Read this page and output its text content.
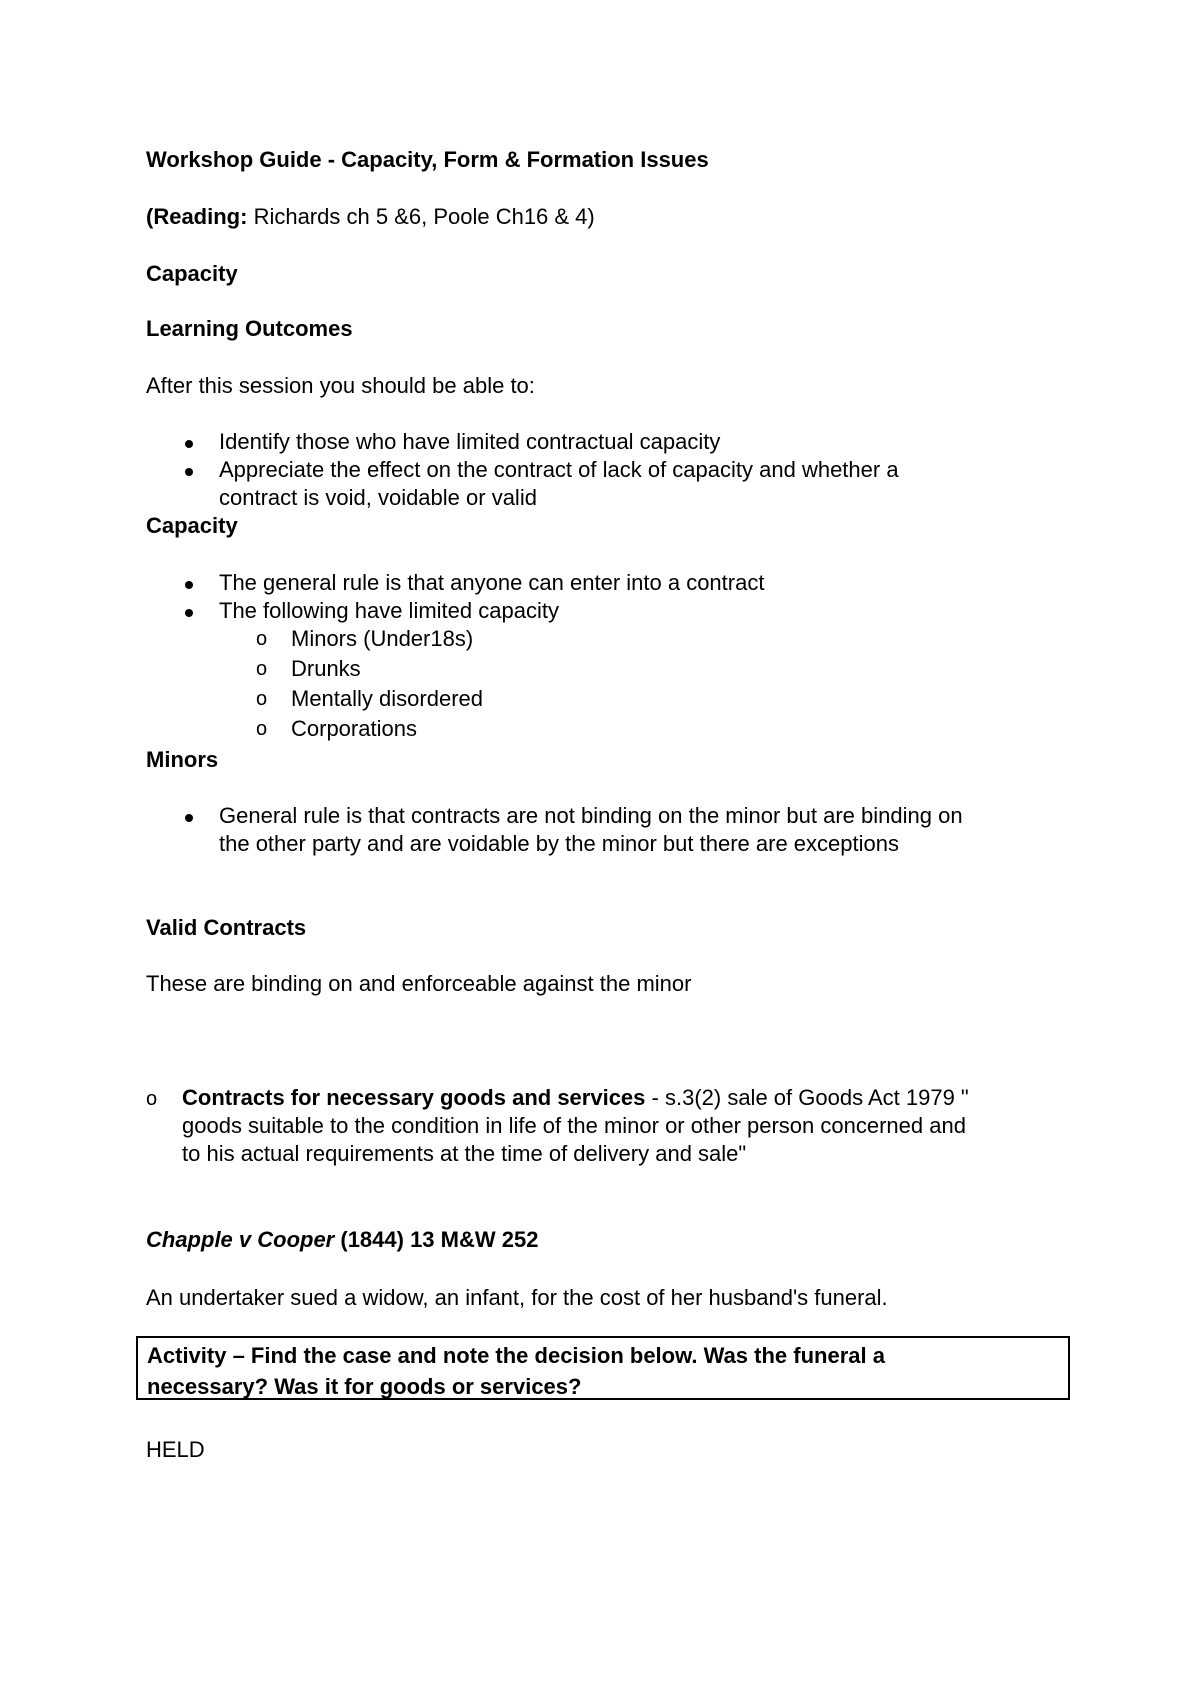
Workshop Guide - Capacity, Form & Formation Issues

(Reading: Richards ch 5 &6, Poole Ch16 & 4)

Capacity

Learning Outcomes

After this session you should be able to:

Identify those who have limited contractual capacity

Appreciate the effect on the contract of lack of capacity and whether a

contract is void, voidable or valid

Capacity

The general rule is that anyone can enter into a contract

The following have limited capacity

o Minors (Under18s)

o Drunks

o Mentally disordered

o Corporations

Minors

General rule is that contracts are not binding on the minor but are binding on

the other party and are voidable by the minor but there are exceptions

Valid Contracts

These are binding on and enforceable against the minor

o Contracts for necessary goods and services - s.3(2) sale of Goods Act 1979 "

goods suitable to the condition in life of the minor or other person concerned and

to his actual requirements at the time of delivery and sale"

Chapple v Cooper (1844) 13 M&W 252

An undertaker sued a widow, an infant, for the cost of her husband's funeral.

Activity – Find the case and note the decision below. Was the funeral a
necessary? Was it for goods or services?

HELD
